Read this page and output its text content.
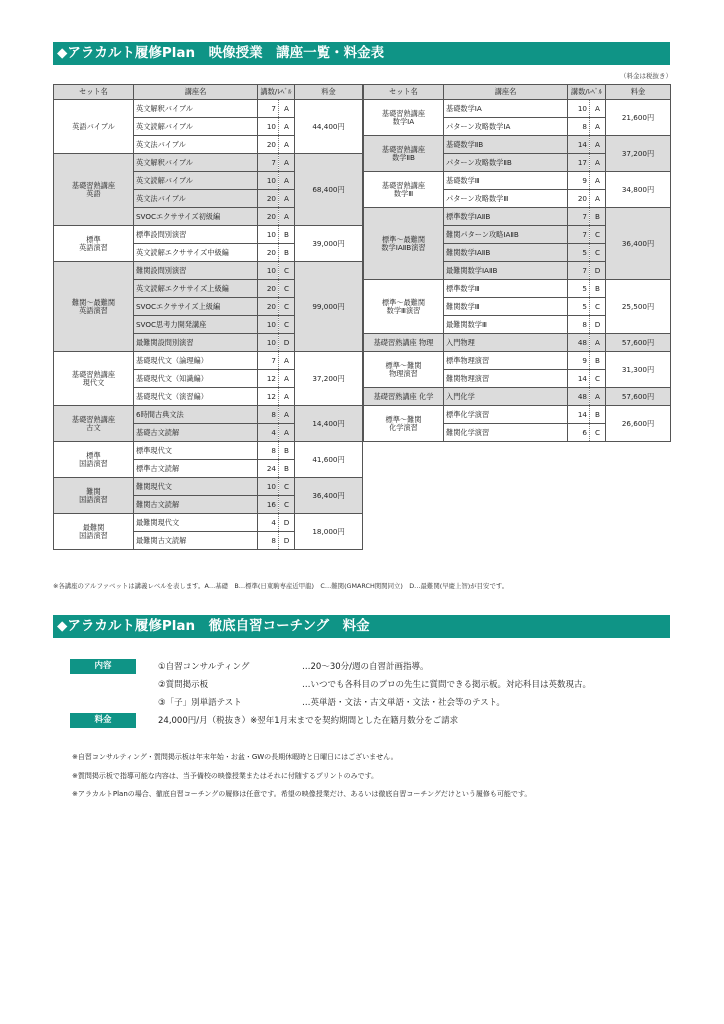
◆アラカルト履修Plan　映像授業　講座一覧・料金表
（料金は税抜き）
セット名	講座名	講数/ﾚﾍﾞﾙ		料金

英語バイブル	英文解釈バイブル	7	A	44,400円
	英文読解バイブル	10	A	
	英文法バイブル	20	A	

基礎習熟講座
英語	英文解釈バイブル	7	A	68,400円
	英文読解バイブル	10	A	
	英文法バイブル	20	A	
	SVOCエクササイズ初級編	20	A	

標準
英語演習	標準設問別演習	10	B	39,000円
	英文読解エクササイズ中級編	20	B	

難関～最難関
英語演習	難関設問別演習	10	C	99,000円
	英文読解エクササイズ上級編	20	C	
	SVOCエクササイズ上級編	20	C	
	SVOC思考力開発講座	10	C	
	最難関設問別演習	10	D	

基礎習熟講座
現代文	基礎現代文（論理編）	7	A	37,200円
	基礎現代文（知識編）	12	A	
	基礎現代文（演習編）	12	A	

基礎習熟講座
古文	6時間古典文法	8	A	14,400円
	基礎古文読解	4	A	

標準
国語演習	標準現代文	8	B	41,600円
	標準古文読解	24	B	

難関
国語演習	難関現代文	10	C	36,400円
	難関古文読解	16	C	

最難関
国語演習	最難関現代文	4	D	18,000円
	最難関古文読解	8	D	
セット名	講座名	講数/ﾚﾍﾞﾙ		料金

基礎習熟講座
数学ⅠA	基礎数学ⅠA	10	A	21,600円
	パターン攻略数学ⅠA	8	A	

基礎習熟講座
数学ⅡB	基礎数学ⅡB	14	A	37,200円
	パターン攻略数学ⅡB	17	A	

基礎習熟講座
数学Ⅲ	基礎数学Ⅲ	9	A	34,800円
	パターン攻略数学Ⅲ	20	A	

標準～最難関
数学ⅠAⅡB演習	標準数学ⅠAⅡB	7	B	36,400円
	難関パターン攻略ⅠAⅡB	7	C	
	難関数学ⅠAⅡB	5	C	
	最難関数学ⅠAⅡB	7	D	

標準～最難関
数学Ⅲ演習	標準数学Ⅲ	5	B	25,500円
	難関数学Ⅲ	5	C	
	最難関数学Ⅲ	8	D	

基礎習熟講座 物理	入門物理	48	A	57,600円

標準～難関
物理演習	標準物理演習	9	B	31,300円
	難関物理演習	14	C	

基礎習熟講座 化学	入門化学	48	A	57,600円

標準～難関
化学演習	標準化学演習	14	B	26,600円
	難関化学演習	6	C	
※各講座のアルファベットは講義レベルを表します。A…基礎　B…標準(日東駒専産近甲龍)　C…難関(GMARCH関関同立)　D…最難関(早慶上智)が目安です。
◆アラカルト履修Plan　徹底自習コーチング　料金
内容	①自習コンサルティング	…20～30分/週の自習計画指導。
②質問掲示板	…いつでも各科目のプロの先生に質問できる掲示板。対応科目は英数現古。
③「子」別単語テスト	…英単語・文法・古文単語・文法・社会等のテスト。
料金	24,000円/月（税抜き）※翌年1月末までを契約期間とした在籍月数分をご請求
※自習コンサルティング・質問掲示板は年末年始・お盆・GWの長期休暇時と日曜日にはございません。
※質問掲示板で指導可能な内容は、当予備校の映像授業またはそれに付随するプリントのみです。
※アラカルトPlanの場合、徹底自習コーチングの履修は任意です。希望の映像授業だけ、あるいは徹底自習コーチングだけという履修も可能です。
